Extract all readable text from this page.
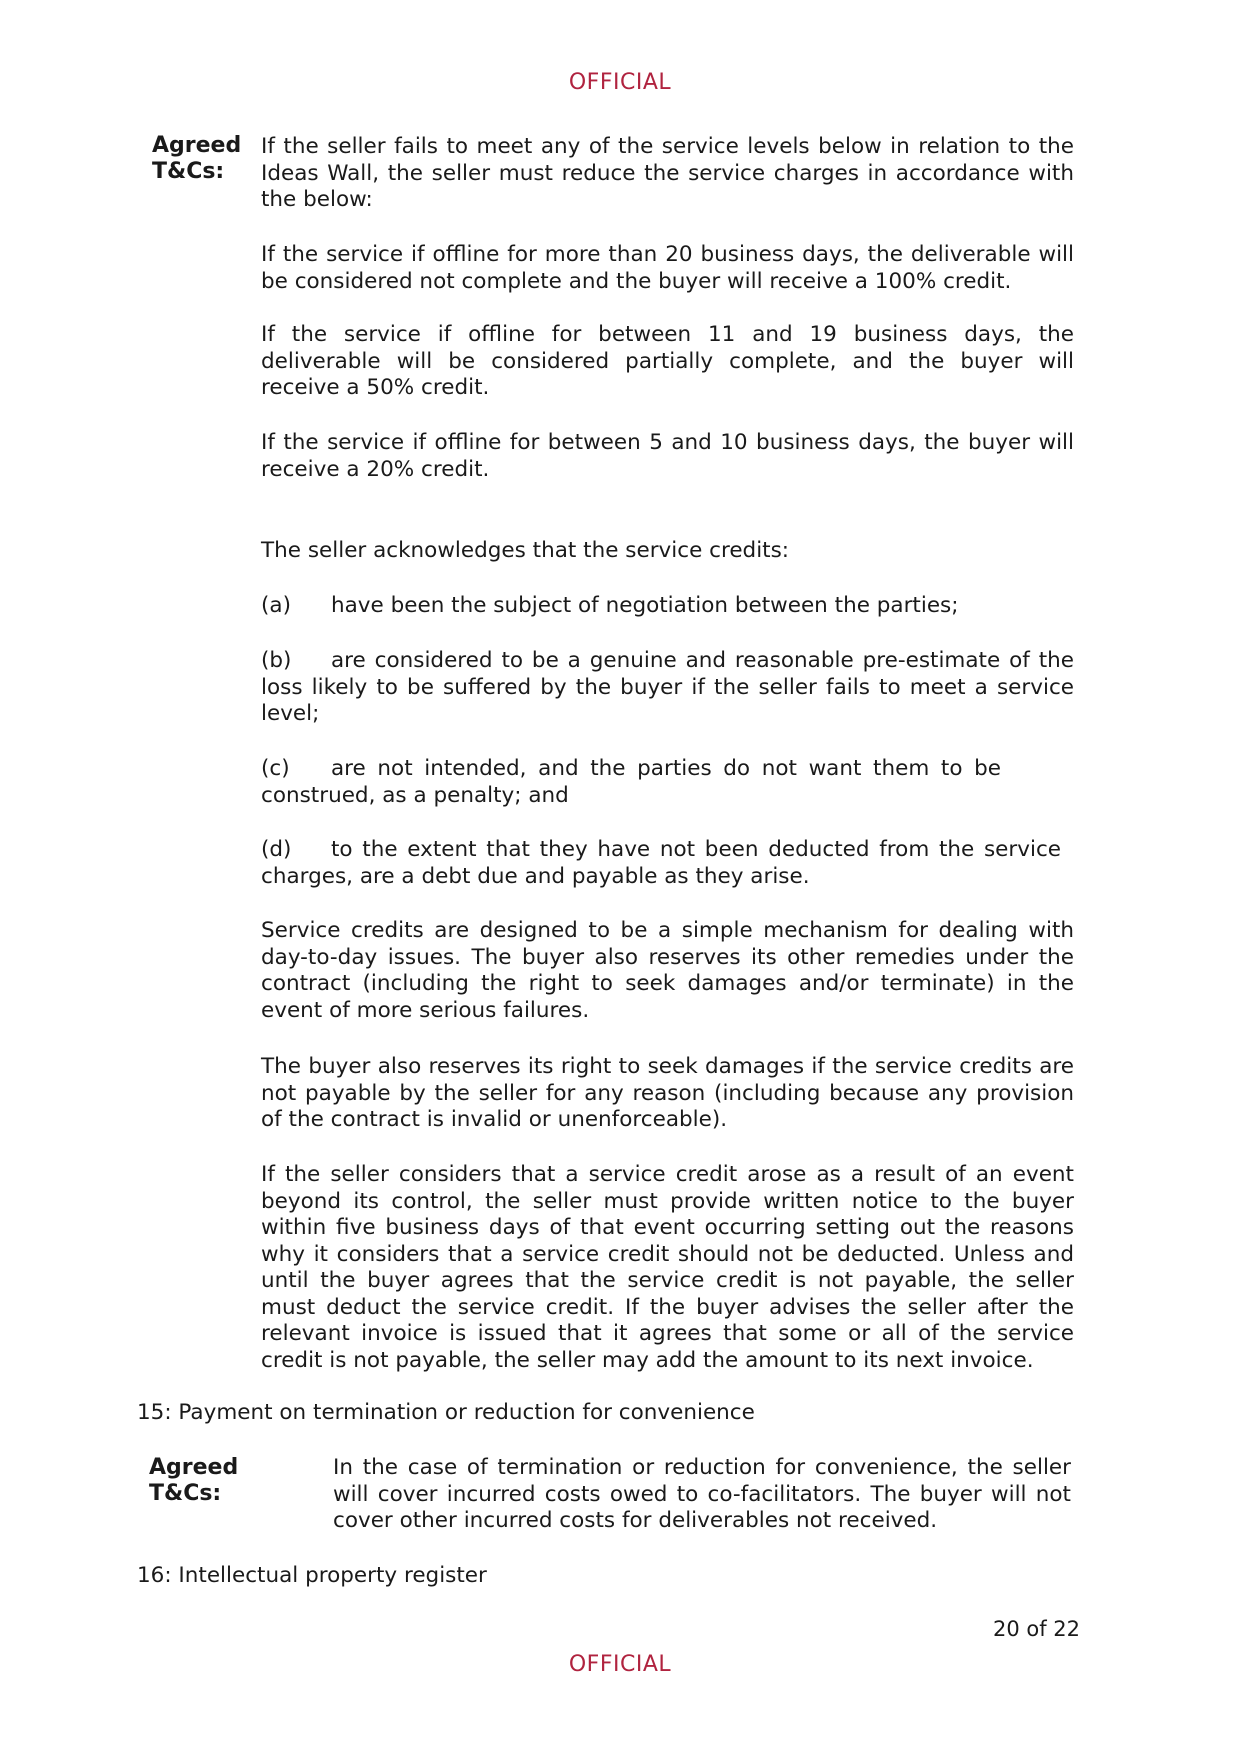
OFFICIAL
Agreed
T&Cs:

If the seller fails to meet any of the service levels below in relation to the Ideas Wall, the seller must reduce the service charges in accordance with the below:

If the service if offline for more than 20 business days, the deliverable will be considered not complete and the buyer will receive a 100% credit.

If the service if offline for between 11 and 19 business days, the deliverable will be considered partially complete, and the buyer will receive a 50% credit.

If the service if offline for between 5 and 10 business days, the buyer will receive a 20% credit.

The seller acknowledges that the service credits:

(a) have been the subject of negotiation between the parties;

(b) are considered to be a genuine and reasonable pre-estimate of the loss likely to be suffered by the buyer if the seller fails to meet a service level;

(c) are not intended, and the parties do not want them to be construed, as a penalty; and

(d) to the extent that they have not been deducted from the service charges, are a debt due and payable as they arise.

Service credits are designed to be a simple mechanism for dealing with day-to-day issues. The buyer also reserves its other remedies under the contract (including the right to seek damages and/or terminate) in the event of more serious failures.

The buyer also reserves its right to seek damages if the service credits are not payable by the seller for any reason (including because any provision of the contract is invalid or unenforceable).

If the seller considers that a service credit arose as a result of an event beyond its control, the seller must provide written notice to the buyer within five business days of that event occurring setting out the reasons why it considers that a service credit should not be deducted. Unless and until the buyer agrees that the service credit is not payable, the seller must deduct the service credit. If the buyer advises the seller after the relevant invoice is issued that it agrees that some or all of the service credit is not payable, the seller may add the amount to its next invoice.

15: Payment on termination or reduction for convenience
Agreed
T&Cs:

In the case of termination or reduction for convenience, the seller will cover incurred costs owed to co-facilitators. The buyer will not cover other incurred costs for deliverables not received.

16: Intellectual property register
20 of 22
OFFICIAL
